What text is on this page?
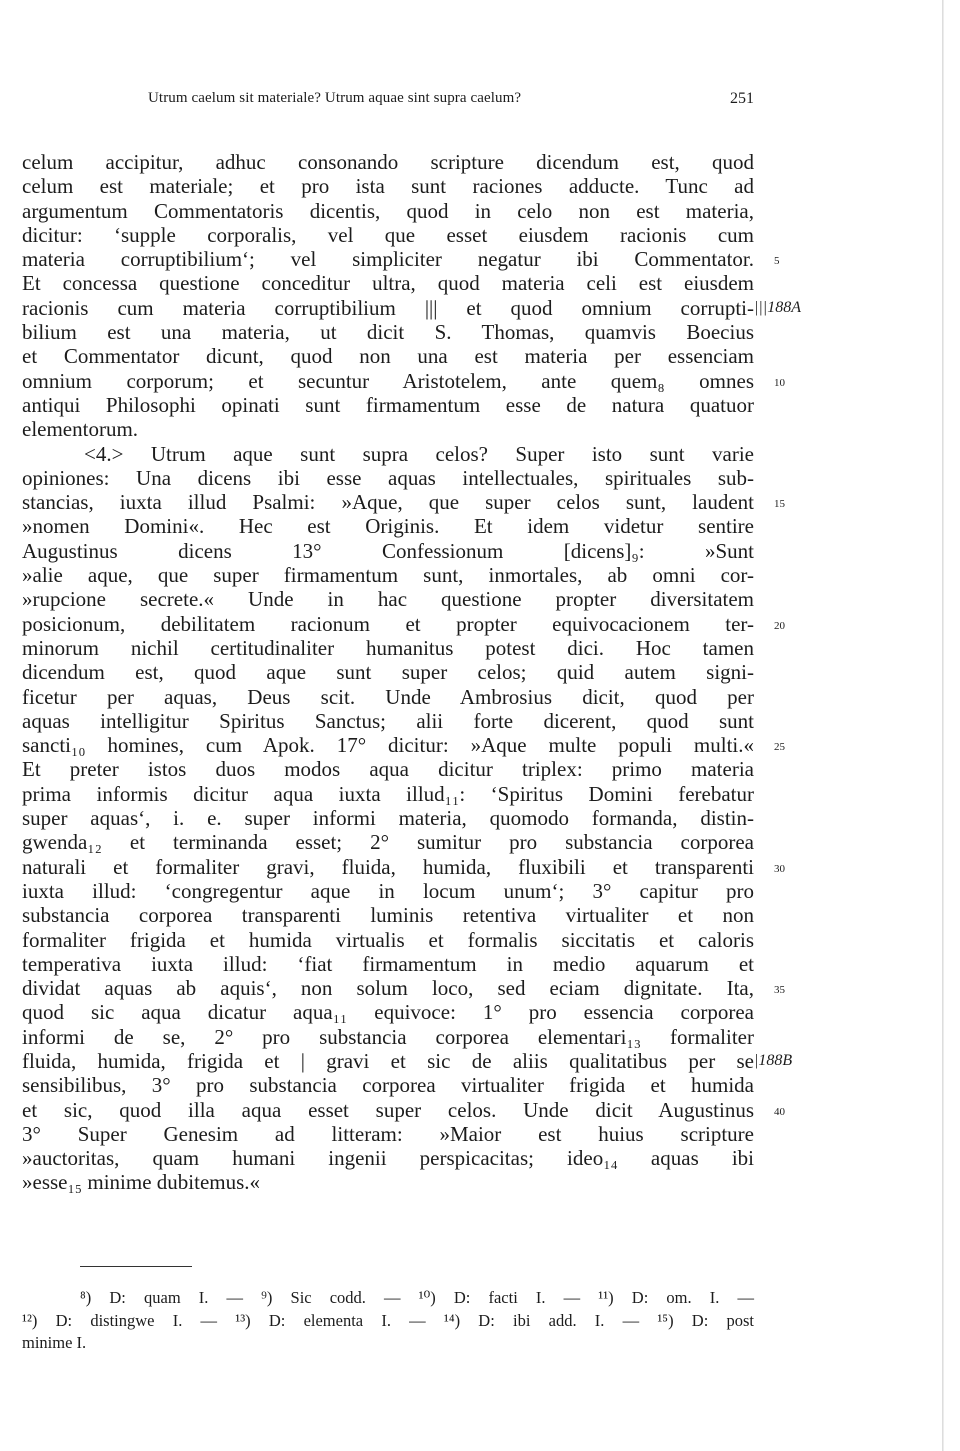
Utrum caelum sit materiale? Utrum aquae sint supra caelum?	251
celum accipitur, adhuc consonando scripture dicendum est, quod
celum est materiale; et pro ista sunt raciones adducte. Tunc ad
argumentum Commentatoris dicentis, quod in celo non est materia,
dicitur: ‘supple corporalis, vel que esset eiusdem racionis cum
materia corruptibilium‘; vel simpliciter negatur ibi Commentator. 5
Et concessa questione conceditur ultra, quod materia celi est eiusdem
racionis cum materia corruptibilium ||| et quod omnium corrupti- |||188A
bilium est una materia, ut dicit S. Thomas, quamvis Boecius
et Commentator dicunt, quod non una est materia per essenciam
omnium corporum; et secuntur Aristotelem, ante quem₈ omnes 10
antiqui Philosophi opinati sunt firmamentum esse de natura quatuor
elementorum.
<4.> Utrum aque sunt supra celos? Super isto sunt varie
opiniones: Una dicens ibi esse aquas intellectuales, spirituales sub-
stancias, iuxta illud Psalmi: »Aque, que super celos sunt, laudent 15
»nomen Domini«. Hec est Originis. Et idem videtur sentire
Augustinus dicens 13° Confessionum [dicens]₉: »Sunt
»alie aque, que super firmamentum sunt, inmortales, ab omni cor-
»rupcione secrete.« Unde in hac questione propter diversitatem
posicionum, debilitatem racionum et propter equivocacionem ter- 20
minorum nichil certitudinaliter humanitus potest dici. Hoc tamen
dicendum est, quod aque sunt super celos; quid autem signi-
ficetur per aquas, Deus scit. Unde Ambrosius dicit, quod per
aquas intelligitur Spiritus Sanctus; alii forte dicerent, quod sunt
sancti₁₀ homines, cum Apok. 17° dicitur: »Aque multe populi multi.« 25
Et preter istos duos modos aqua dicitur triplex: primo materia
prima informis dicitur aqua iuxta illud₁₁: ‘Spiritus Domini ferebatur
super aquas‘, i. e. super informi materia, quomodo formanda, distin-
gwenda₁₂ et terminanda esset; 2° sumitur pro substancia corporea
naturali et formaliter gravi, fluida, humida, fluxibili et transparenti 30
iuxta illud: ‘congregentur aque in locum unum‘; 3° capitur pro
substancia corporea transparenti luminis retentiva virtualiter et non
formaliter frigida et humida virtualis et formalis siccitatis et caloris
temperativa iuxta illud: ‘fiat firmamentum in medio aquarum et
dividat aquas ab aquis‘, non solum loco, sed eciam dignitate. Ita, 35
quod sic aqua dicatur aqua₁₁ equivoce: 1° pro essencia corporea
informi de se, 2° pro substancia corporea elementari₁₃ formaliter
fluida, humida, frigida et | gravi et sic de aliis qualitatibus per se |188B
sensibilibus, 3° pro substancia corporea virtualiter frigida et humida
et sic, quod illa aqua esset super celos. Unde dicit Augustinus 40
3° Super Genesim ad litteram: »Maior est huius scripture
»auctoritas, quam humani ingenii perspicacitas; ideo₁₄ aquas ibi
»esse₁₅ minime dubitemus.«
⁸) D: quam I. — ⁹) Sic codd. — ¹⁰) D: facti I. — ¹¹) D: om. I. —
¹²) D: distingwe I. — ¹³) D: elementa I. — ¹⁴) D: ibi add. I. — ¹⁵) D: post
minime I.
